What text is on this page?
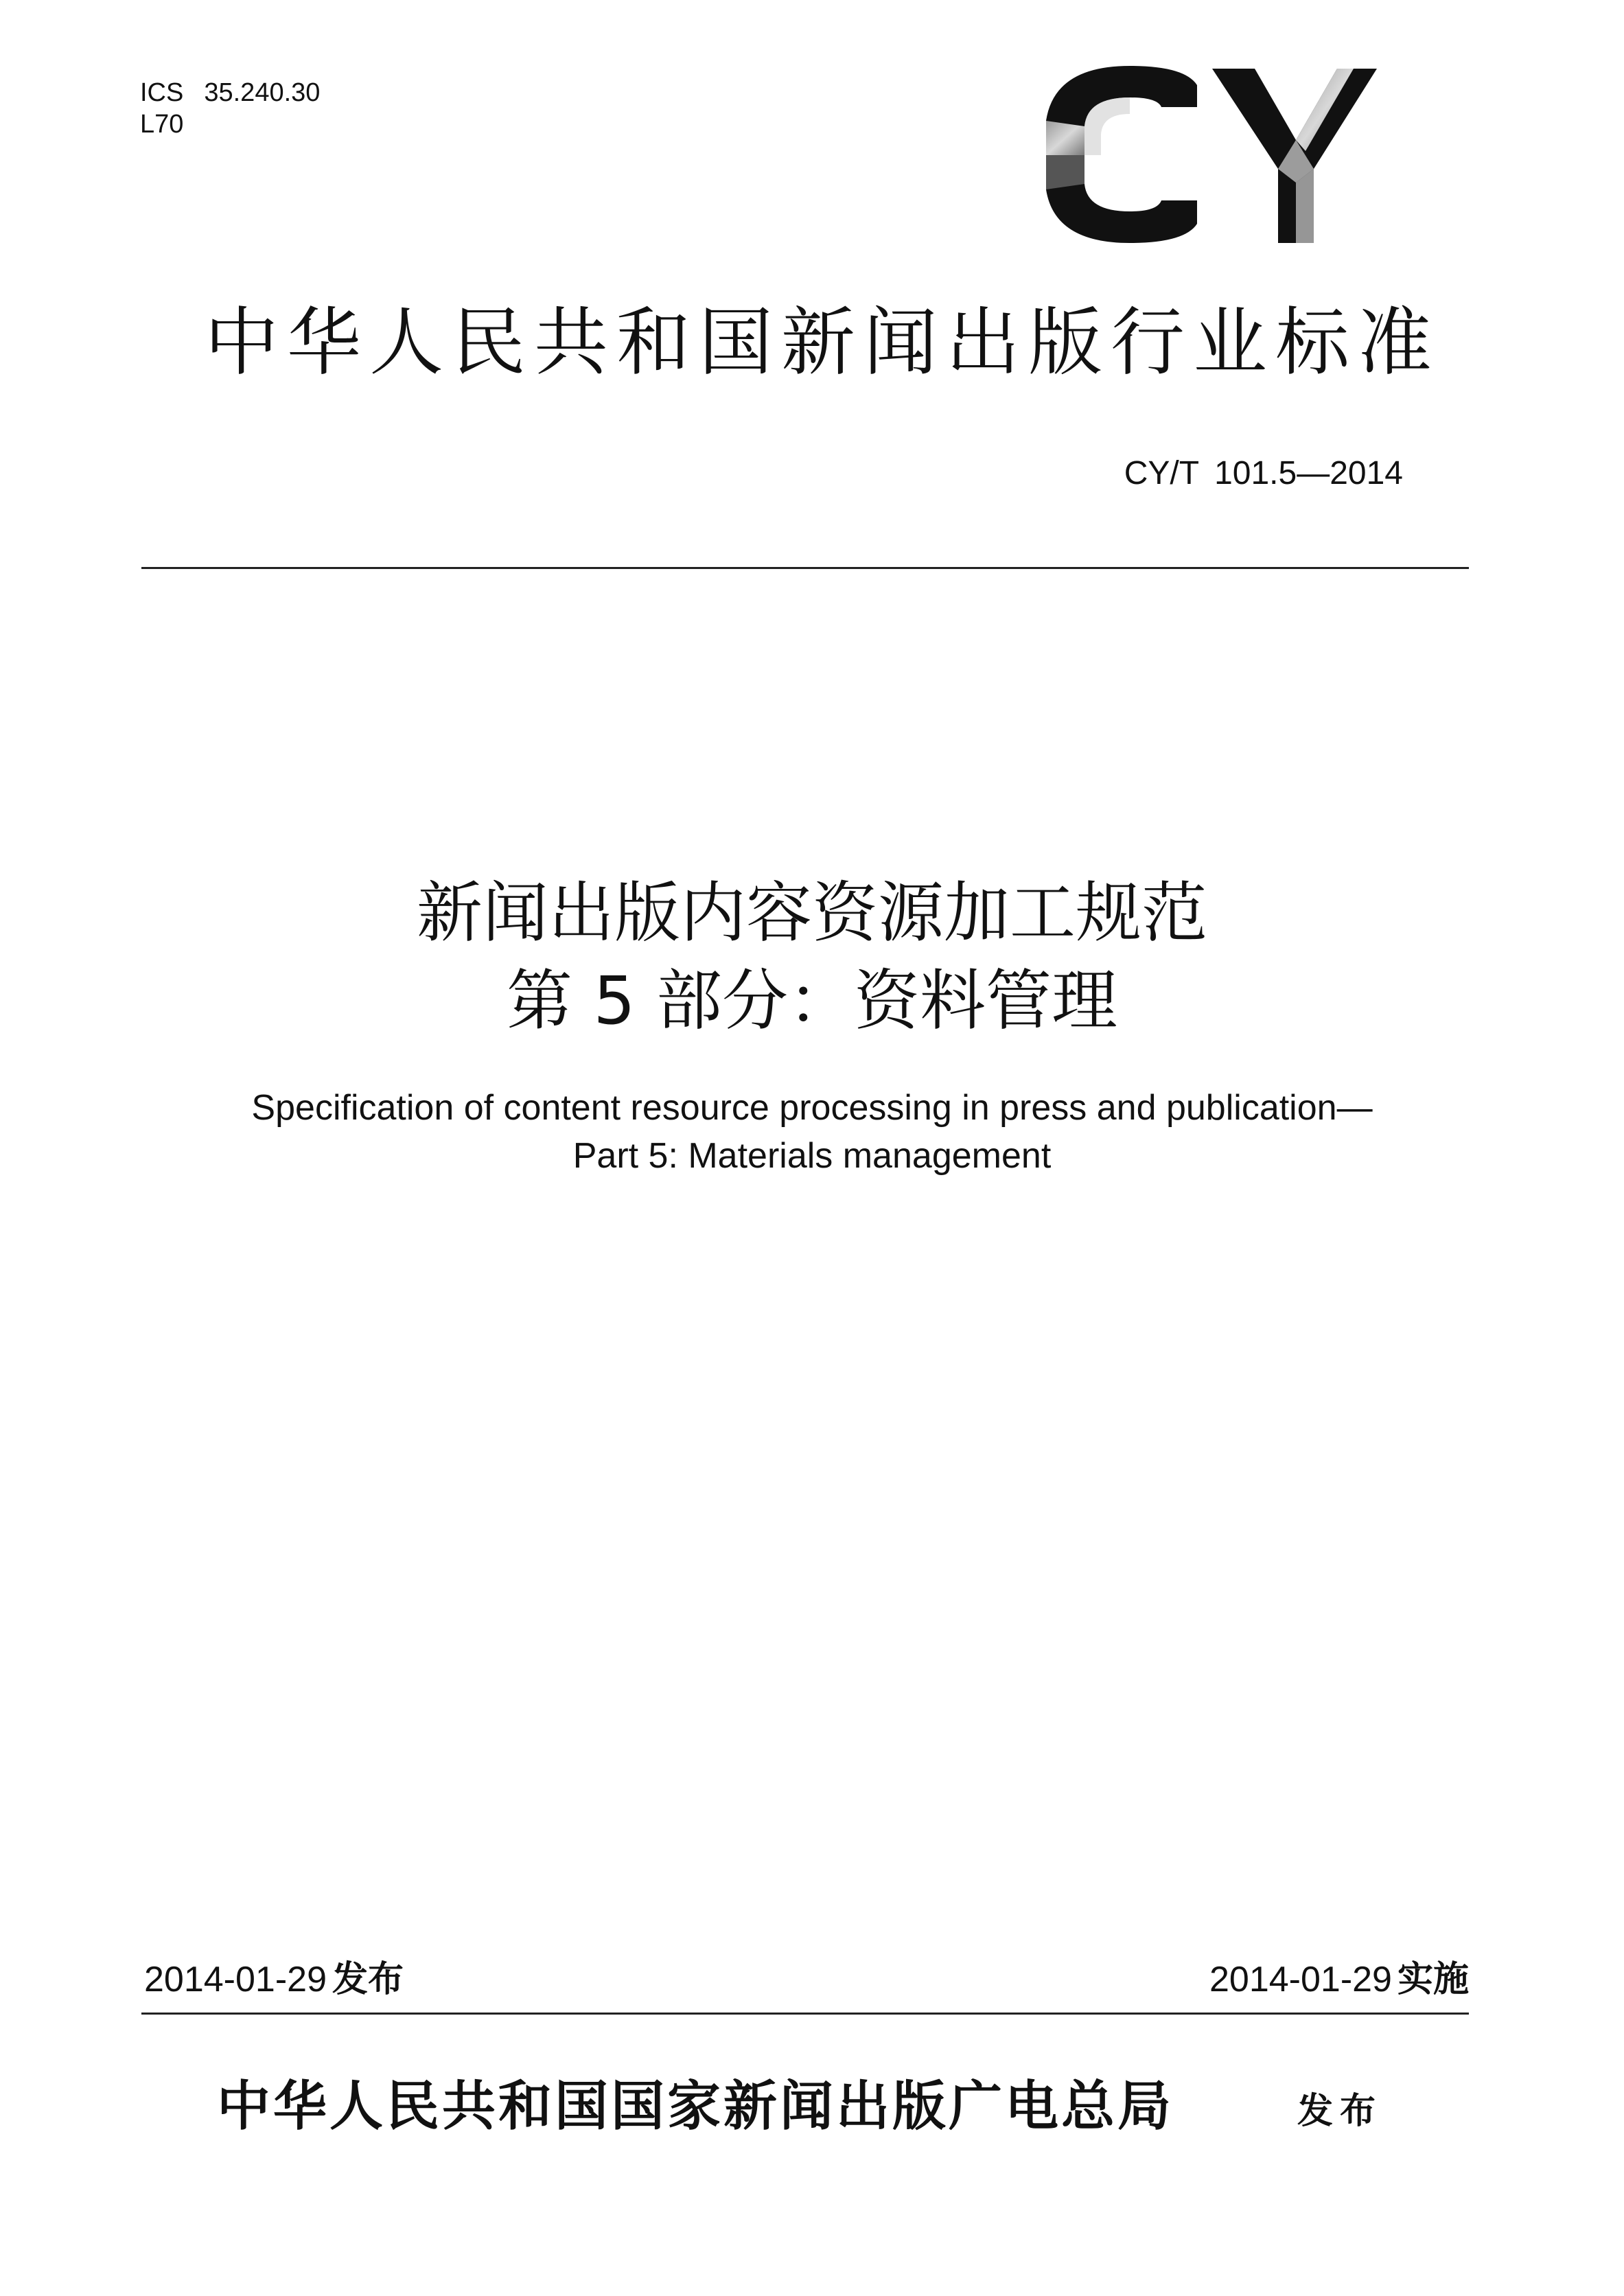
ICS 35.240.30
L70
中华人民共和国新闻出版行业标准
CY/T 101.5—2014
新闻出版内容资源加工规范
第 5 部分：资料管理
Specification of content resource processing in press and publication—
Part 5: Materials management
2014-01-29 发布	2014-01-29 实施
中华人民共和国国家新闻出版广电总局	发布
